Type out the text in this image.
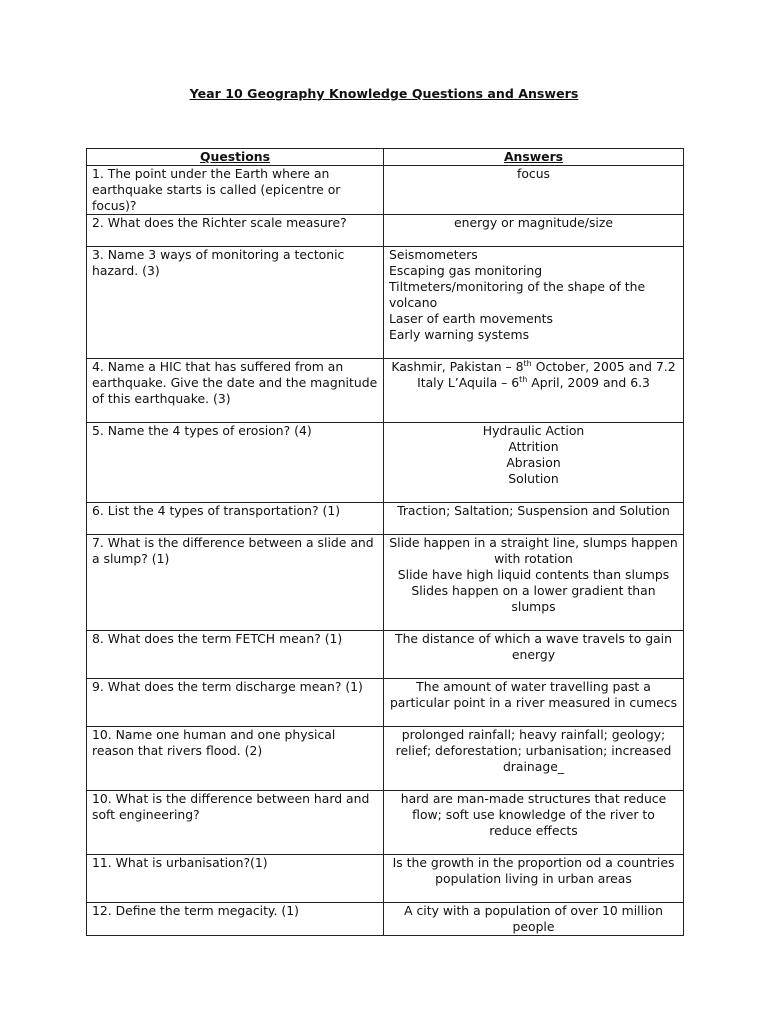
Year 10 Geography Knowledge Questions and Answers
Questions	Answers
1. The point under the Earth where an earthquake starts is called (epicentre or focus)?	focus

2. What does the Richter scale measure?	energy or magnitude/size

3. Name 3 ways of monitoring a tectonic hazard. (3)	Seismometers
Escaping gas monitoring
Tiltmeters/monitoring of the shape of the volcano
Laser of earth movements
Early warning systems

4. Name a HIC that has suffered from an earthquake. Give the date and the magnitude of this earthquake. (3)	Kashmir, Pakistan – 8th October, 2005 and 7.2
Italy L’Aquila – 6th April, 2009 and 6.3

5. Name the 4 types of erosion? (4)	Hydraulic Action
Attrition
Abrasion
Solution

6. List the 4 types of transportation? (1)	Traction; Saltation; Suspension and Solution

7. What is the difference between a slide and a slump? (1)	Slide happen in a straight line, slumps happen with rotation
Slide have high liquid contents than slumps
Slides happen on a lower gradient than slumps

8. What does the term FETCH mean? (1)	The distance of which a wave travels to gain energy

9. What does the term discharge mean? (1)	The amount of water travelling past a particular point in a river measured in cumecs

10. Name one human and one physical reason that rivers flood. (2)	prolonged rainfall; heavy rainfall; geology; relief; deforestation; urbanisation; increased drainage_

10. What is the difference between hard and soft engineering?	hard are man-made structures that reduce flow; soft use knowledge of the river to reduce effects

11. What is urbanisation?(1)	Is the growth in the proportion od a countries population living in urban areas

12. Define the term megacity. (1)	A city with a population of over 10 million people
